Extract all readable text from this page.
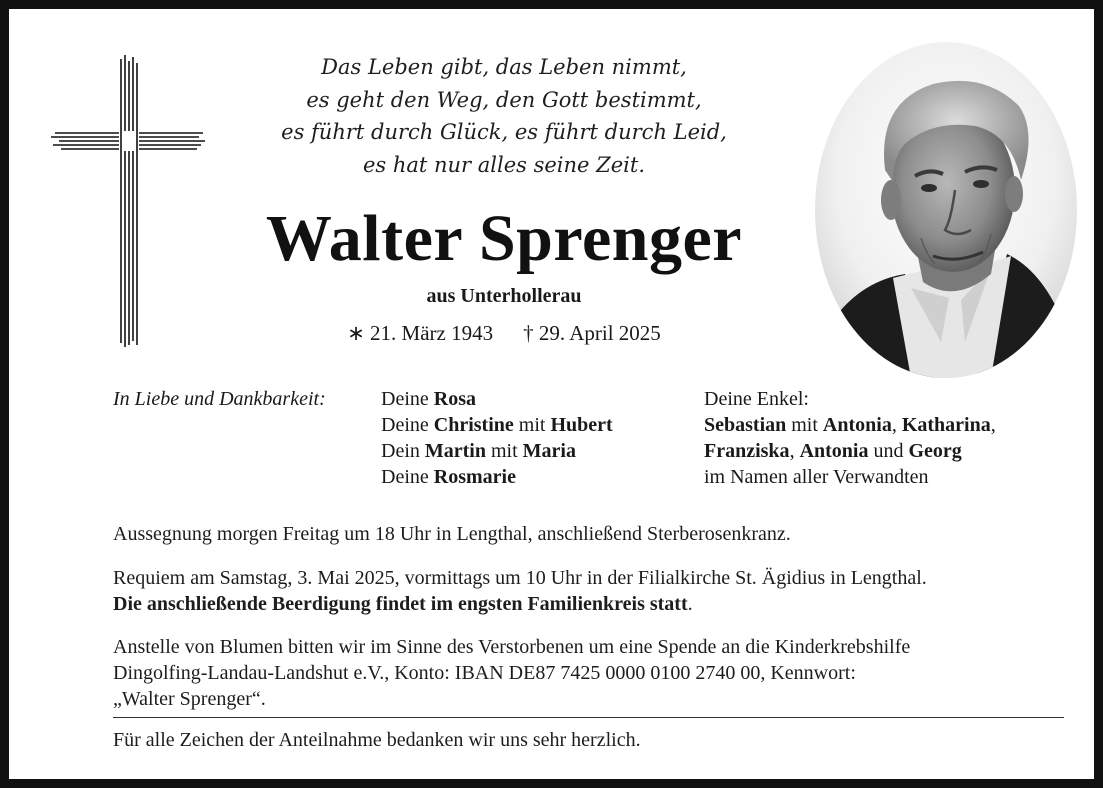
Das Leben gibt, das Leben nimmt,
es geht den Weg, den Gott bestimmt,
es führt durch Glück, es führt durch Leid,
es hat nur alles seine Zeit.
Walter Sprenger
aus Unterhollerau
∗ 21. März 1943 † 29. April 2025
In Liebe und Dankbarkeit:	Deine Rosa
Deine Christine mit Hubert
Dein Martin mit Maria
Deine Rosmarie
Deine Enkel:
Sebastian mit Antonia, Katharina,
Franziska, Antonia und Georg
im Namen aller Verwandten
Aussegnung morgen Freitag um 18 Uhr in Lengthal, anschließend Sterberosenkranz.
Requiem am Samstag, 3. Mai 2025, vormittags um 10 Uhr in der Filialkirche St. Ägidius in Lengthal.
Die anschließende Beerdigung findet im engsten Familienkreis statt.
Anstelle von Blumen bitten wir im Sinne des Verstorbenen um eine Spende an die Kinderkrebshilfe
Dingolfing-Landau-Landshut e.V., Konto: IBAN DE87 7425 0000 0100 2740 00, Kennwort:
„Walter Sprenger“.
Für alle Zeichen der Anteilnahme bedanken wir uns sehr herzlich.
